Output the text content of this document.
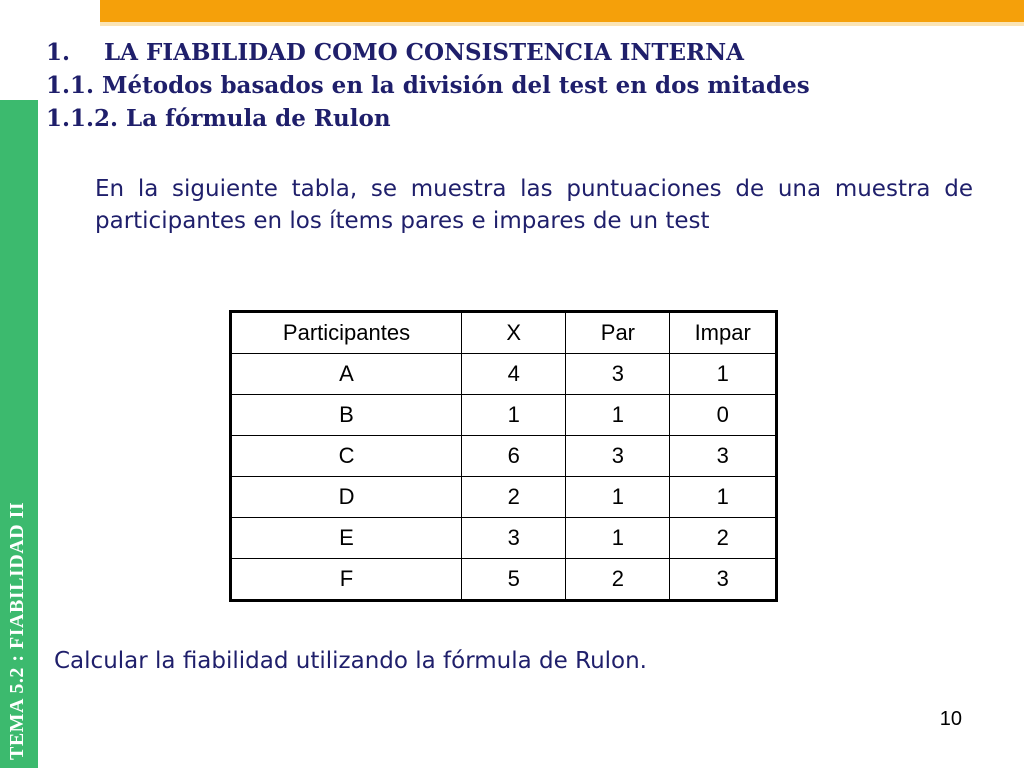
TEMA 5.2 : FIABILIDAD II
1. LA FIABILIDAD COMO CONSISTENCIA INTERNA
1.1. Métodos basados en la división del test en dos mitades
1.1.2. La fórmula de Rulon
En la siguiente tabla, se muestra las puntuaciones de una muestra de participantes en los ítems pares e impares de un test
Participantes	X	Par	Impar
A	4	3	1
B	1	1	0
C	6	3	3
D	2	1	1
E	3	1	2
F	5	2	3
Calcular la fiabilidad utilizando la fórmula de Rulon.
10
